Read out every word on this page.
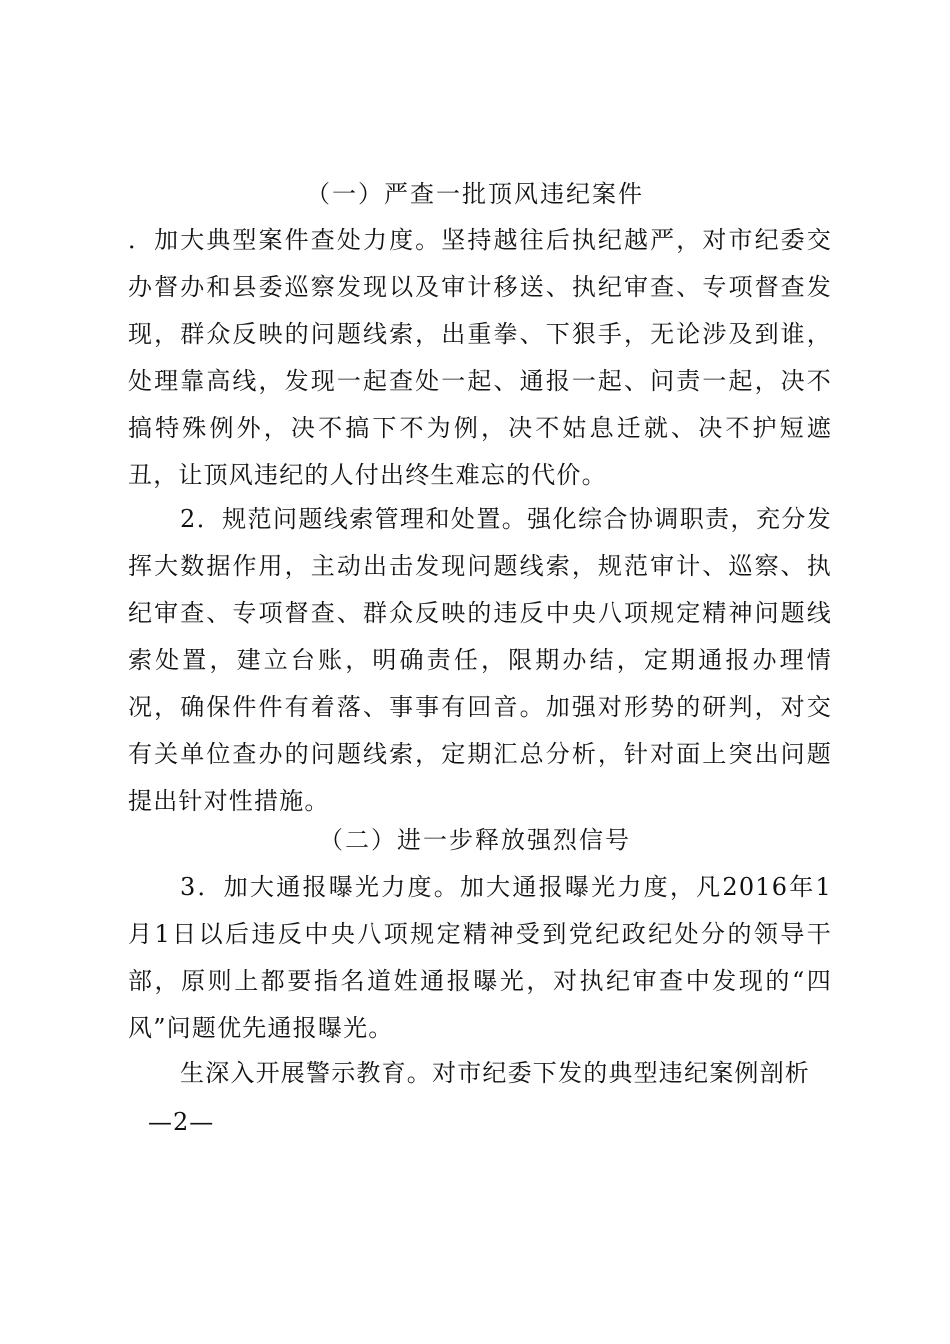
（一）严查一批顶风违纪案件

．加大典型案件查处力度。坚持越往后执纪越严，对市纪委交办督办和县委巡察发现以及审计移送、执纪审查、专项督查发现，群众反映的问题线索，出重拳、下狠手，无论涉及到谁，处理靠高线，发现一起查处一起、通报一起、问责一起，决不搞特殊例外，决不搞下不为例，决不姑息迁就、决不护短遮丑，让顶风违纪的人付出终生难忘的代价。

2．规范问题线索管理和处置。强化综合协调职责，充分发挥大数据作用，主动出击发现问题线索，规范审计、巡察、执纪审查、专项督查、群众反映的违反中央八项规定精神问题线索处置，建立台账，明确责任，限期办结，定期通报办理情况，确保件件有着落、事事有回音。加强对形势的研判，对交有关单位查办的问题线索，定期汇总分析，针对面上突出问题提出针对性措施。

（二）进一步释放强烈信号

3．加大通报曝光力度。加大通报曝光力度，凡2016年1月1日以后违反中央八项规定精神受到党纪政纪处分的领导干部，原则上都要指名道姓通报曝光，对执纪审查中发现的“四风”问题优先通报曝光。

生深入开展警示教育。对市纪委下发的典型违纪案例剖析

—2—
